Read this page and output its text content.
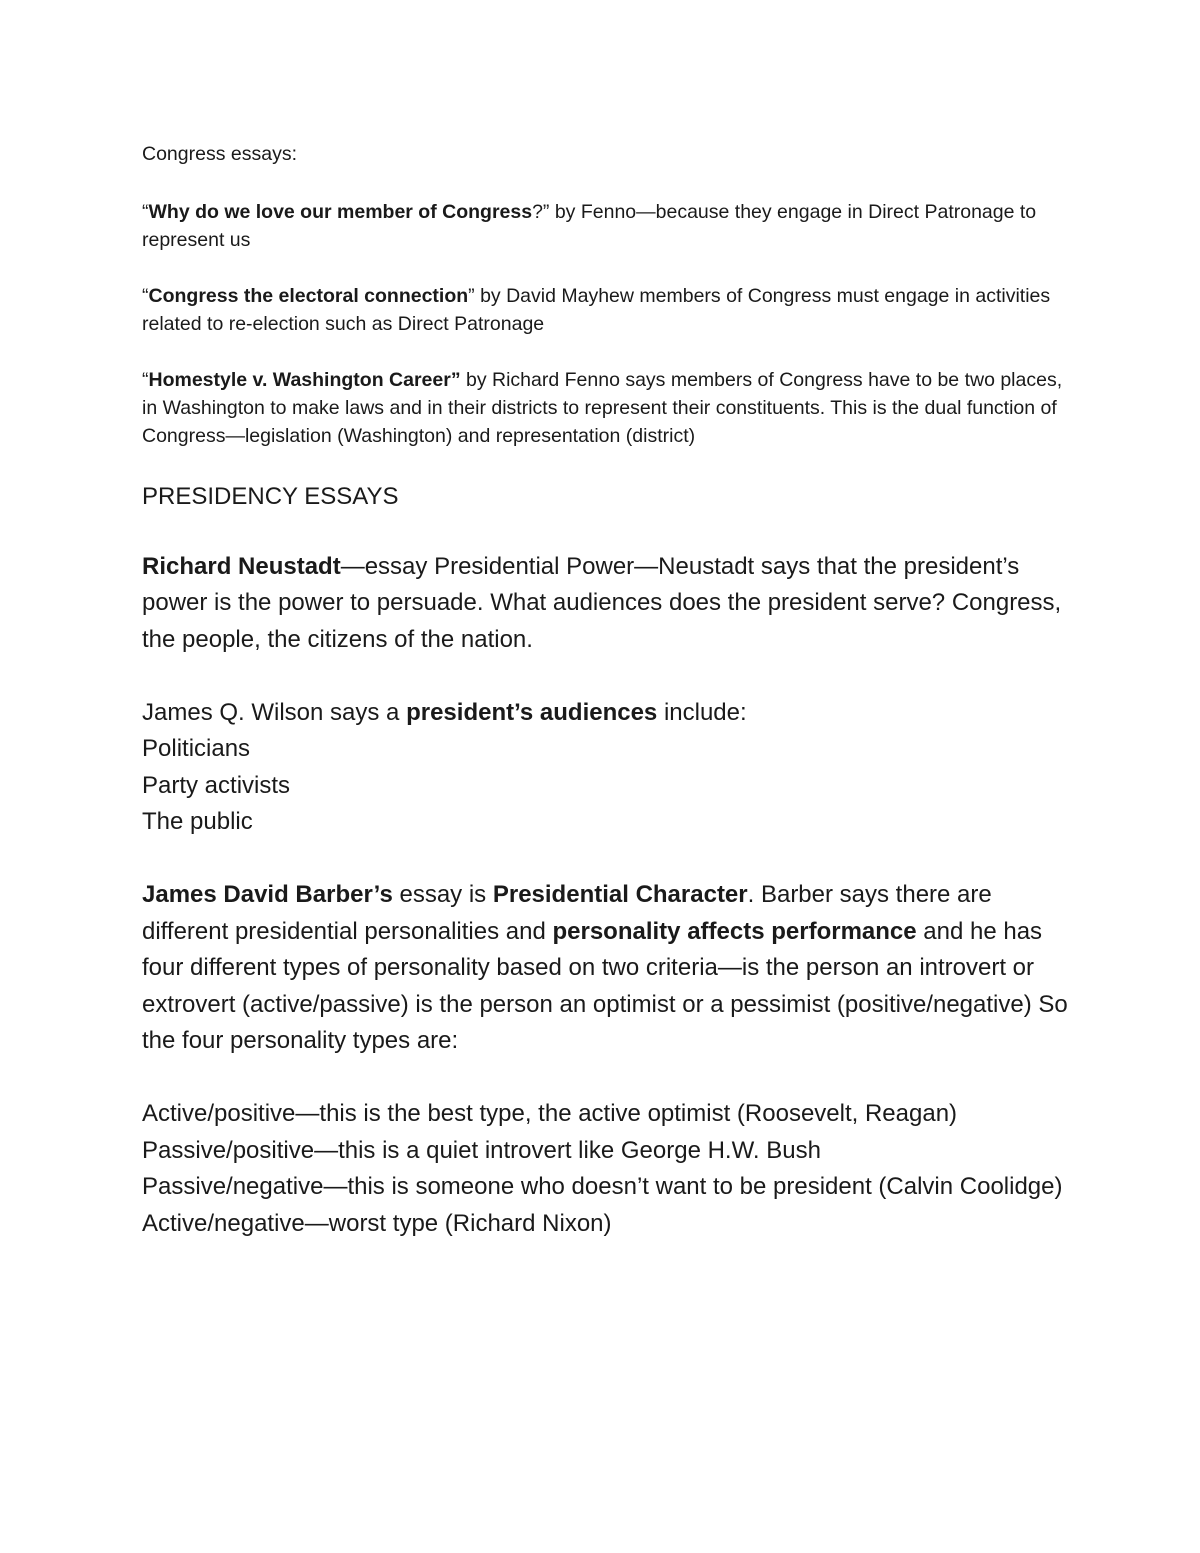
Congress essays:

“Why do we love our member of Congress?” by Fenno—because they engage in Direct Patronage to represent us

“Congress the electoral connection” by David Mayhew members of Congress must engage in activities related to re-election such as Direct Patronage

“Homestyle v. Washington Career” by Richard Fenno says members of Congress have to be two places, in Washington to make laws and in their districts to represent their constituents. This is the dual function of Congress—legislation (Washington) and representation (district)

PRESIDENCY ESSAYS

Richard Neustadt—essay Presidential Power—Neustadt says that the president’s power is the power to persuade. What audiences does the president serve? Congress, the people, the citizens of the nation.

James Q. Wilson says a president’s audiences include:
Politicians
Party activists
The public

James David Barber’s essay is Presidential Character. Barber says there are different presidential personalities and personality affects performance and he has four different types of personality based on two criteria—is the person an introvert or extrovert (active/passive) is the person an optimist or a pessimist (positive/negative) So the four personality types are:

Active/positive—this is the best type, the active optimist (Roosevelt, Reagan)
Passive/positive—this is a quiet introvert like George H.W. Bush
Passive/negative—this is someone who doesn’t want to be president (Calvin Coolidge)
Active/negative—worst type (Richard Nixon)
